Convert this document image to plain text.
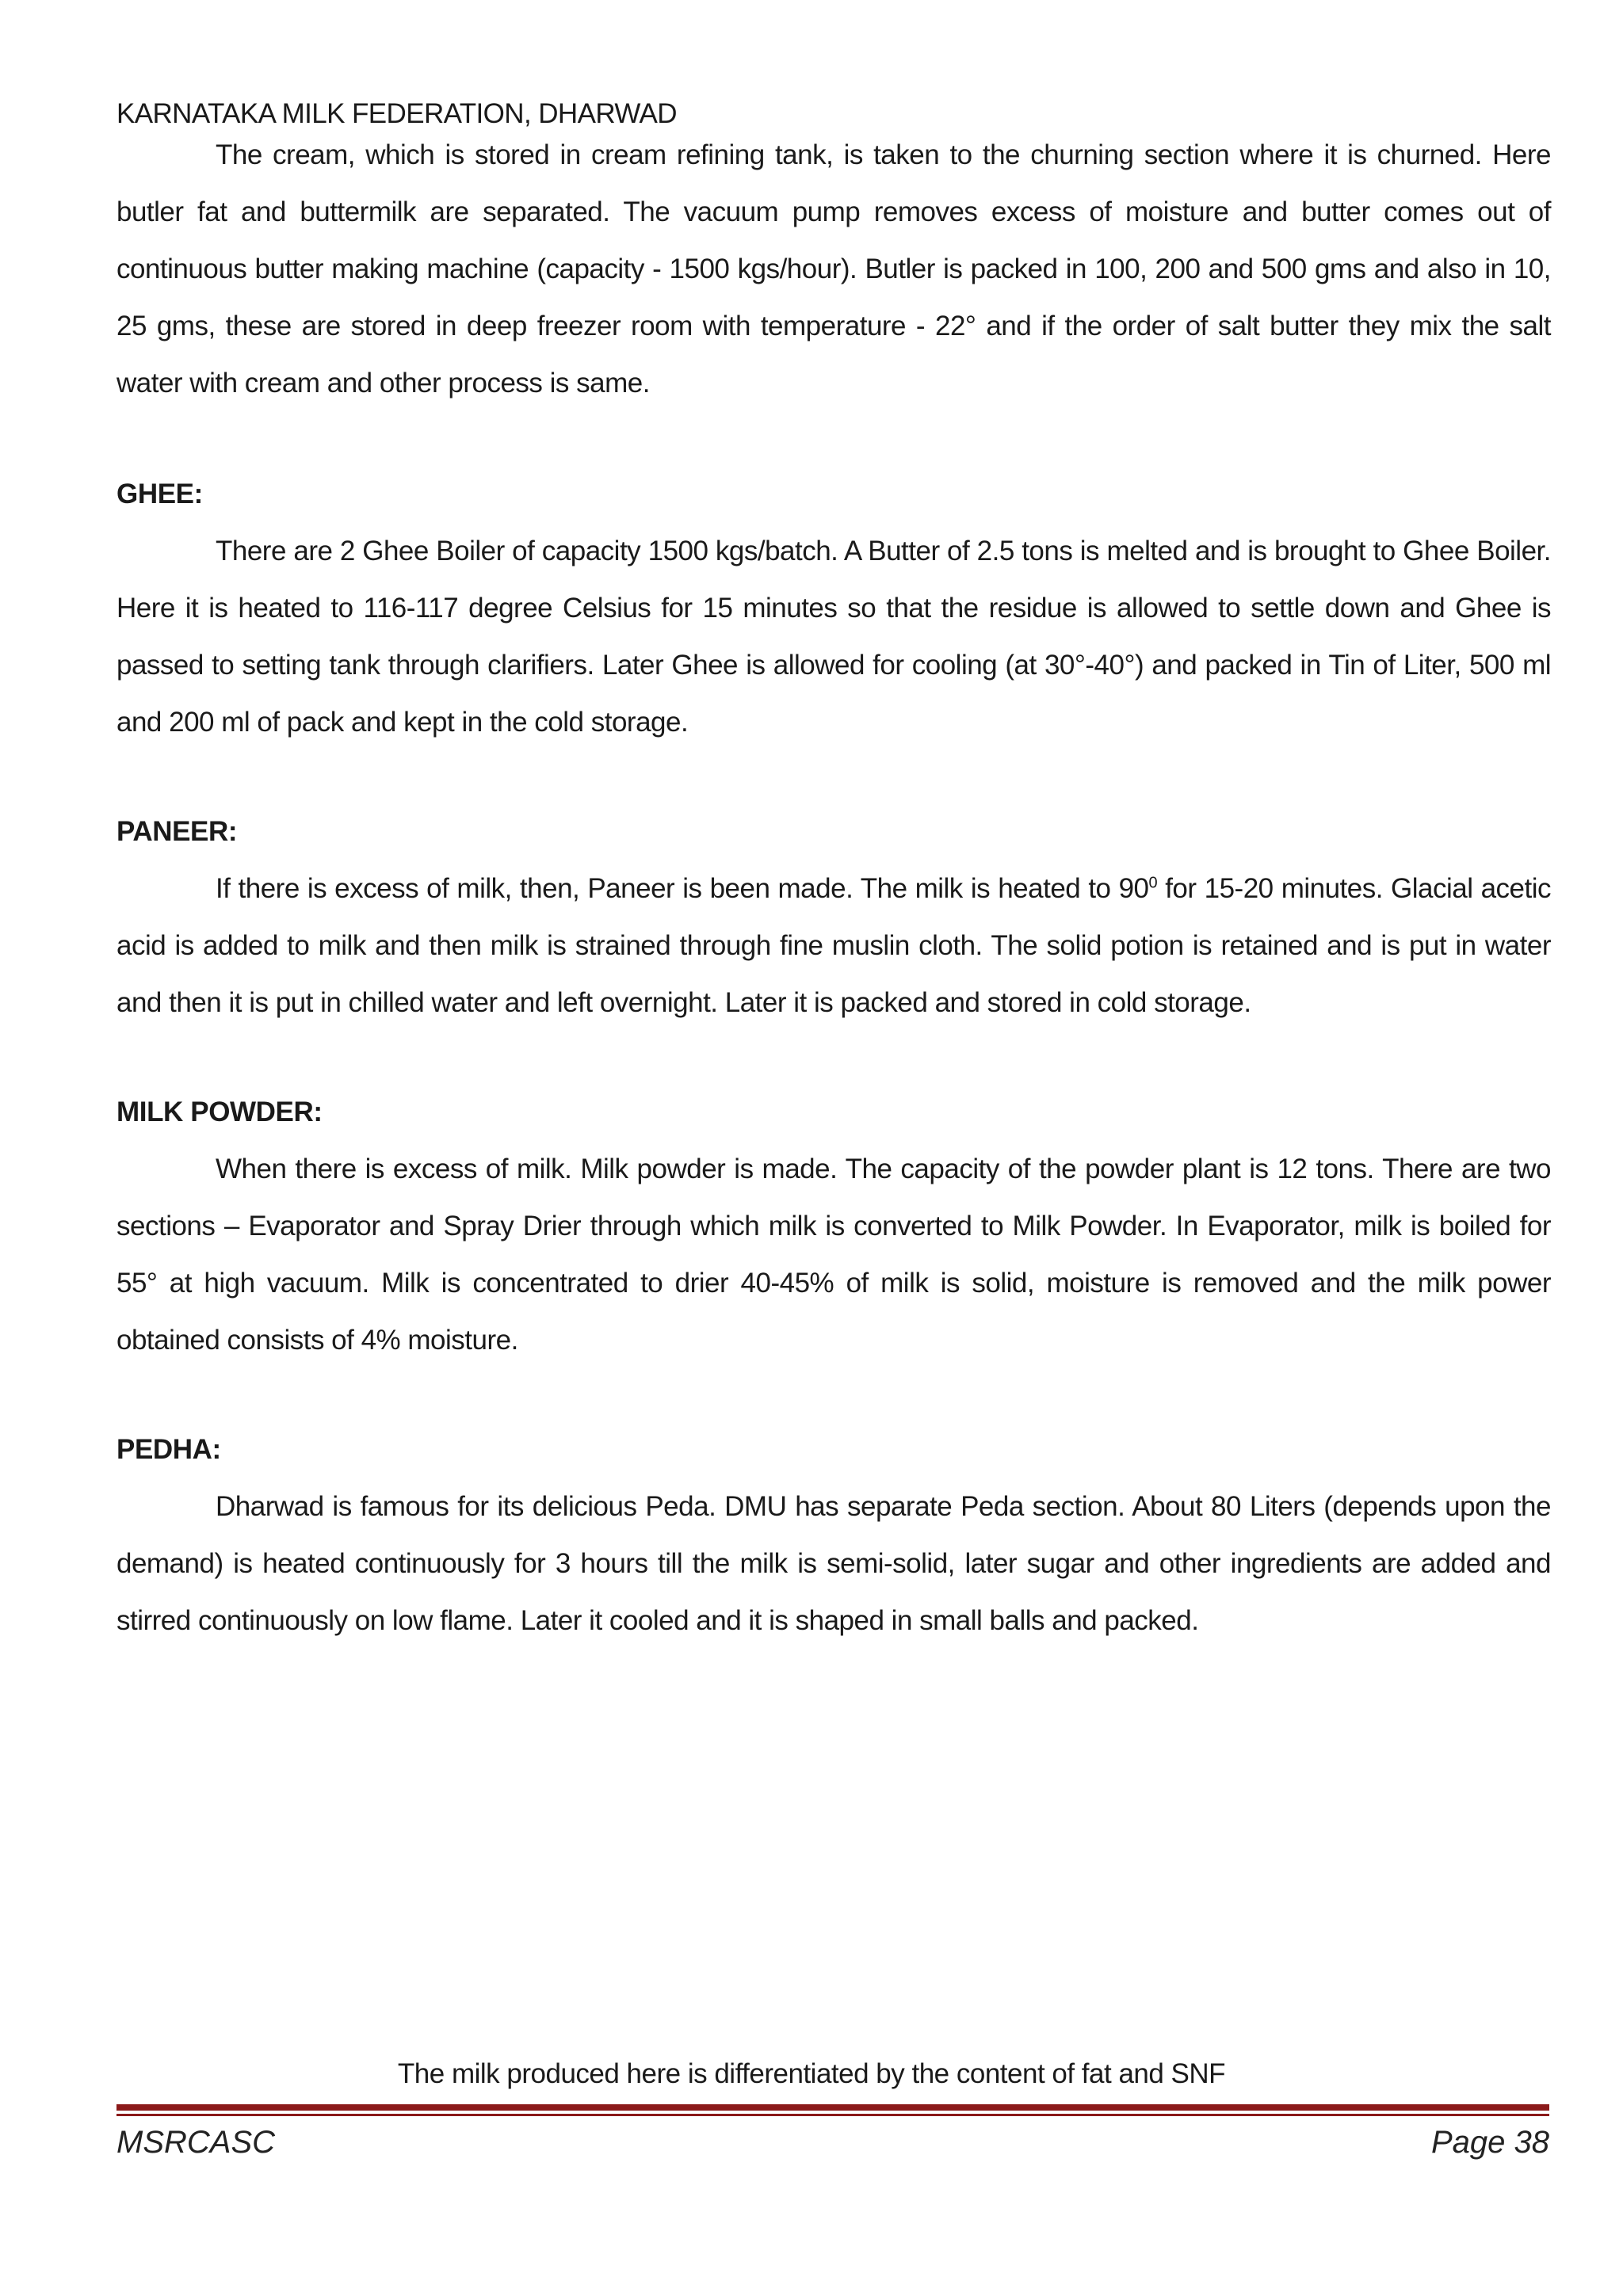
KARNATAKA MILK FEDERATION, DHARWAD

The cream, which is stored in cream refining tank, is taken to the churning section where it is churned. Here butler fat and buttermilk are separated. The vacuum pump removes excess of moisture and butter comes out of continuous butter making machine (capacity - 1500 kgs/hour). Butler is packed in 100, 200 and 500 gms and also in 10, 25 gms, these are stored in deep freezer room with temperature - 22° and if the order of salt butter they mix the salt water with cream and other process is same.

GHEE:

There are 2 Ghee Boiler of capacity 1500 kgs/batch. A Butter of 2.5 tons is melted and is brought to Ghee Boiler. Here it is heated to 116-117 degree Celsius for 15 minutes so that the residue is allowed to settle down and Ghee is passed to setting tank through clarifiers. Later Ghee is allowed for cooling (at 30°-40°) and packed in Tin of Liter, 500 ml and 200 ml of pack and kept in the cold storage.

PANEER:

If there is excess of milk, then, Paneer is been made. The milk is heated to $90^0$ for 15-20 minutes. Glacial acetic acid is added to milk and then milk is strained through fine muslin cloth. The solid potion is retained and is put in water and then it is put in chilled water and left overnight. Later it is packed and stored in cold storage.

MILK POWDER:

When there is excess of milk. Milk powder is made. The capacity of the powder plant is 12 tons. There are two sections – Evaporator and Spray Drier through which milk is converted to Milk Powder. In Evaporator, milk is boiled for 55° at high vacuum. Milk is concentrated to drier 40-45% of milk is solid, moisture is removed and the milk power obtained consists of 4% moisture.

PEDHA:

Dharwad is famous for its delicious Peda. DMU has separate Peda section. About 80 Liters (depends upon the demand) is heated continuously for 3 hours till the milk is semi-solid, later sugar and other ingredients are added and stirred continuously on low flame. Later it cooled and it is shaped in small balls and packed.

The milk produced here is differentiated by the content of fat and SNF
MSRCASC	Page 38
